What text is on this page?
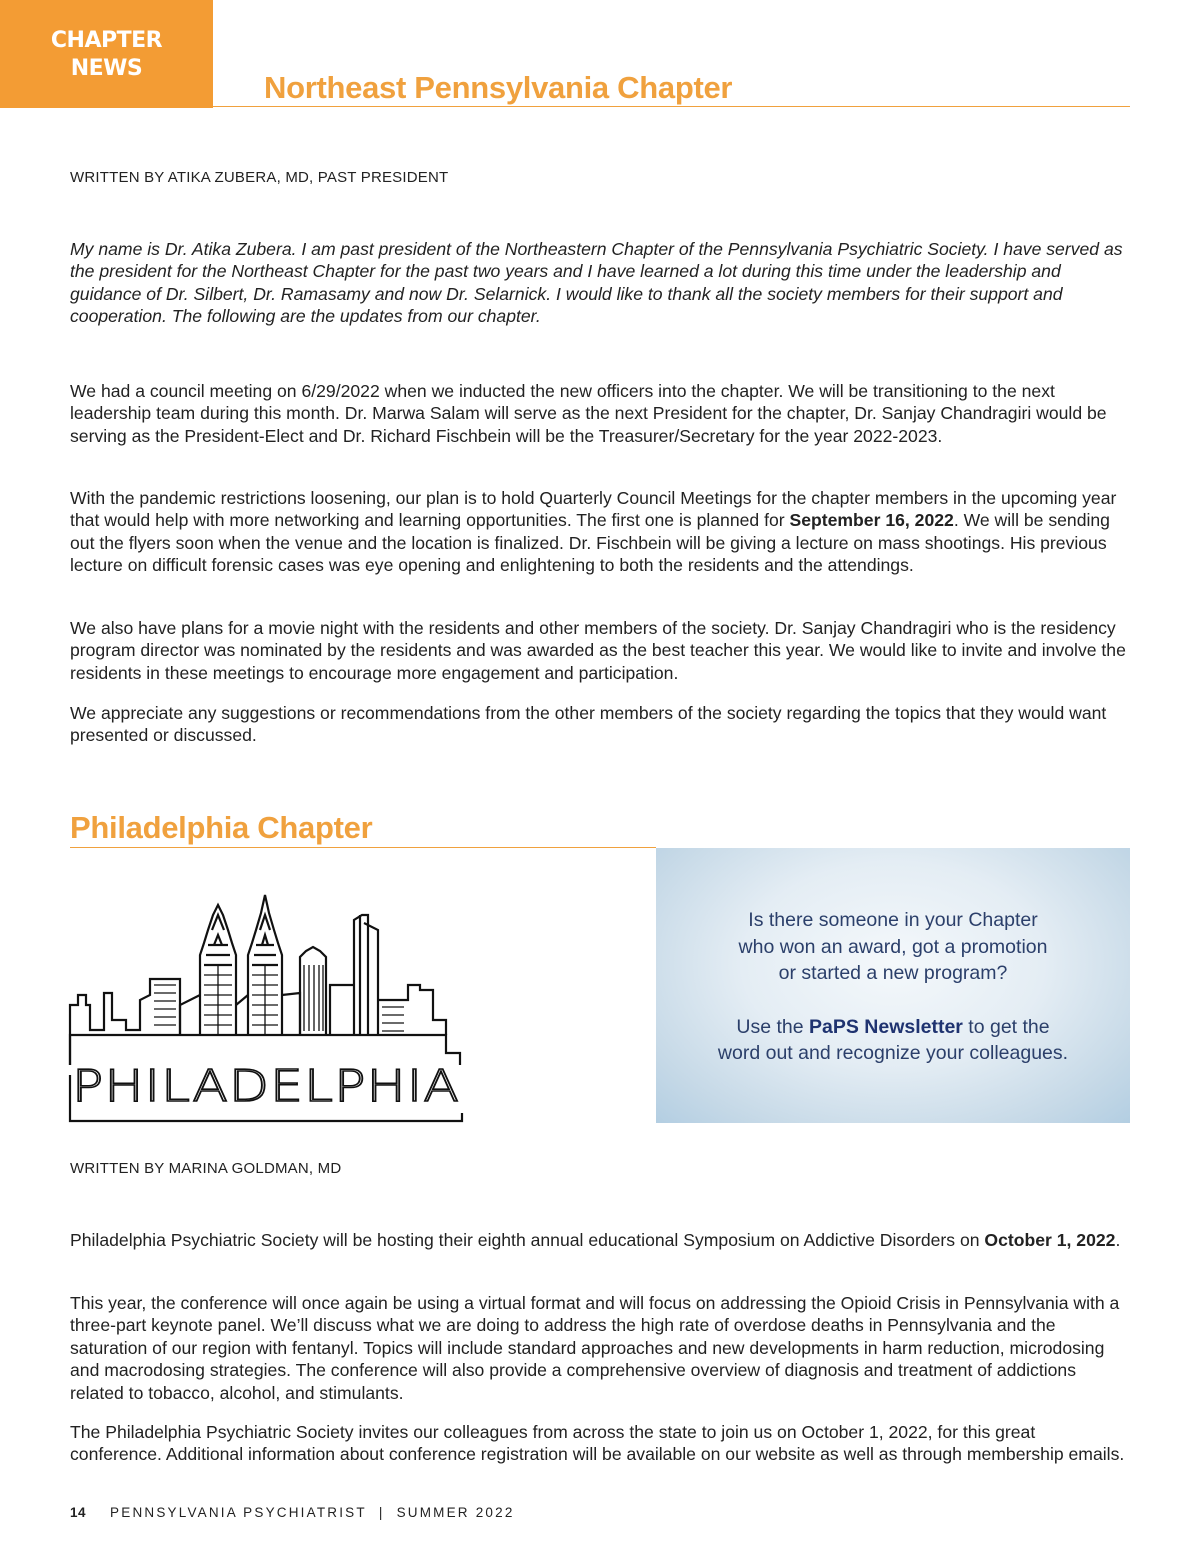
CHAPTER
NEWS
Northeast Pennsylvania Chapter
WRITTEN BY ATIKA ZUBERA, MD, PAST PRESIDENT
My name is Dr. Atika Zubera. I am past president of the Northeastern Chapter of the Pennsylvania Psychiatric Society. I have served as the president for the Northeast Chapter for the past two years and I have learned a lot during this time under the leadership and guidance of Dr. Silbert, Dr. Ramasamy and now Dr. Selarnick. I would like to thank all the society members for their support and cooperation. The following are the updates from our chapter.
We had a council meeting on 6/29/2022 when we inducted the new officers into the chapter. We will be transitioning to the next leadership team during this month. Dr. Marwa Salam will serve as the next President for the chapter, Dr. Sanjay Chandragiri would be serving as the President-Elect and Dr. Richard Fischbein will be the Treasurer/Secretary for the year 2022-2023.
With the pandemic restrictions loosening, our plan is to hold Quarterly Council Meetings for the chapter members in the upcoming year that would help with more networking and learning opportunities. The first one is planned for September 16, 2022. We will be sending out the flyers soon when the venue and the location is finalized. Dr. Fischbein will be giving a lecture on mass shootings. His previous lecture on difficult forensic cases was eye opening and enlightening to both the residents and the attendings.
We also have plans for a movie night with the residents and other members of the society. Dr. Sanjay Chandragiri who is the residency program director was nominated by the residents and was awarded as the best teacher this year. We would like to invite and involve the residents in these meetings to encourage more engagement and participation.
We appreciate any suggestions or recommendations from the other members of the society regarding the topics that they would want presented or discussed.
Philadelphia Chapter
PHILADELPHIA
Is there someone in your Chapter
who won an award, got a promotion
or started a new program?
Use the PaPS Newsletter to get the
word out and recognize your colleagues.
WRITTEN BY MARINA GOLDMAN, MD
Philadelphia Psychiatric Society will be hosting their eighth annual educational Symposium on Addictive Disorders on October 1, 2022.
This year, the conference will once again be using a virtual format and will focus on addressing the Opioid Crisis in Pennsylvania with a three-part keynote panel. We’ll discuss what we are doing to address the high rate of overdose deaths in Pennsylvania and the saturation of our region with fentanyl. Topics will include standard approaches and new developments in harm reduction, microdosing and macrodosing strategies. The conference will also provide a comprehensive overview of diagnosis and treatment of addictions related to tobacco, alcohol, and stimulants.
The Philadelphia Psychiatric Society invites our colleagues from across the state to join us on October 1, 2022, for this great conference. Additional information about conference registration will be available on our website as well as through membership emails.
14 PENNSYLVANIA PSYCHIATRIST | SUMMER 2022
